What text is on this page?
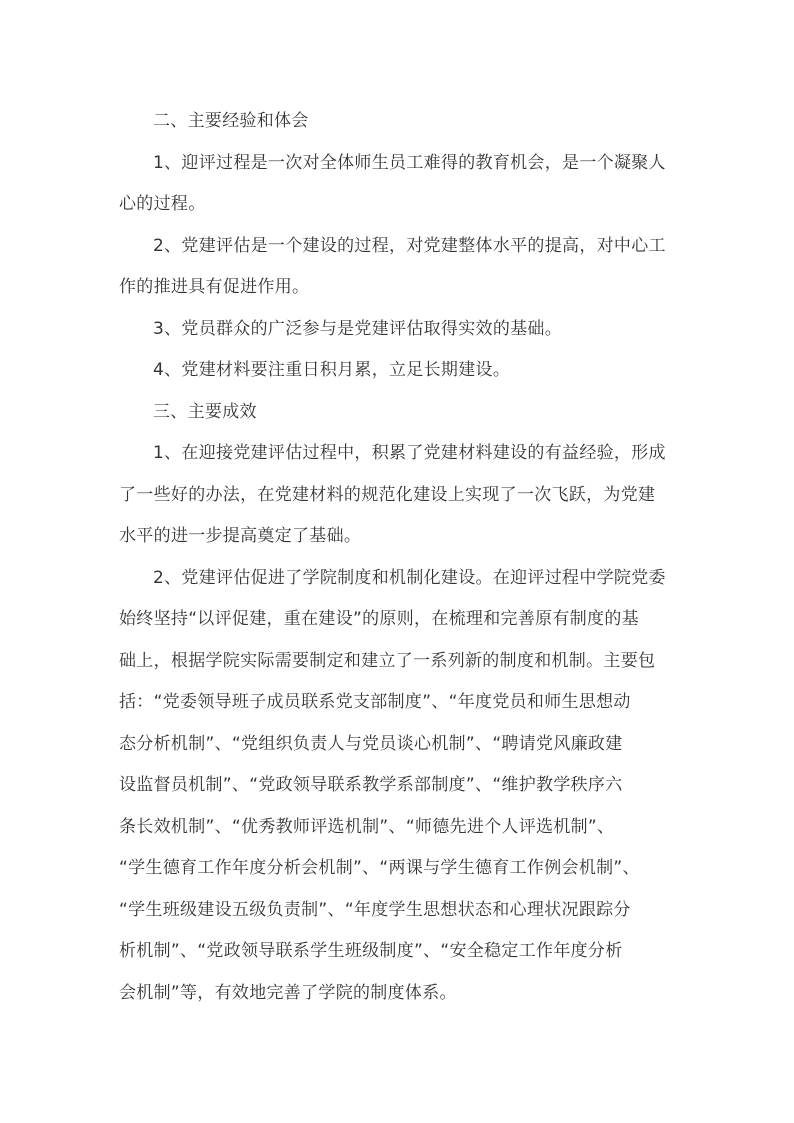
二、主要经验和体会

1、迎评过程是一次对全体师生员工难得的教育机会，是一个凝聚人
心的过程。

2、党建评估是一个建设的过程，对党建整体水平的提高，对中心工
作的推进具有促进作用。

3、党员群众的广泛参与是党建评估取得实效的基础。

4、党建材料要注重日积月累，立足长期建设。

三、主要成效

1、在迎接党建评估过程中，积累了党建材料建设的有益经验，形成
了一些好的办法，在党建材料的规范化建设上实现了一次飞跃，为党建
水平的进一步提高奠定了基础。

2、党建评估促进了学院制度和机制化建设。在迎评过程中学院党委
始终坚持“以评促建，重在建设”的原则，在梳理和完善原有制度的基
础上，根据学院实际需要制定和建立了一系列新的制度和机制。主要包
括：“党委领导班子成员联系党支部制度”、“年度党员和师生思想动
态分析机制”、“党组织负责人与党员谈心机制”、“聘请党风廉政建
设监督员机制”、“党政领导联系教学系部制度”、“维护教学秩序六
条长效机制”、“优秀教师评选机制”、“师德先进个人评选机制”、
“学生德育工作年度分析会机制”、“两课与学生德育工作例会机制”、
“学生班级建设五级负责制”、“年度学生思想状态和心理状况跟踪分
析机制”、“党政领导联系学生班级制度”、“安全稳定工作年度分析
会机制”等，有效地完善了学院的制度体系。
